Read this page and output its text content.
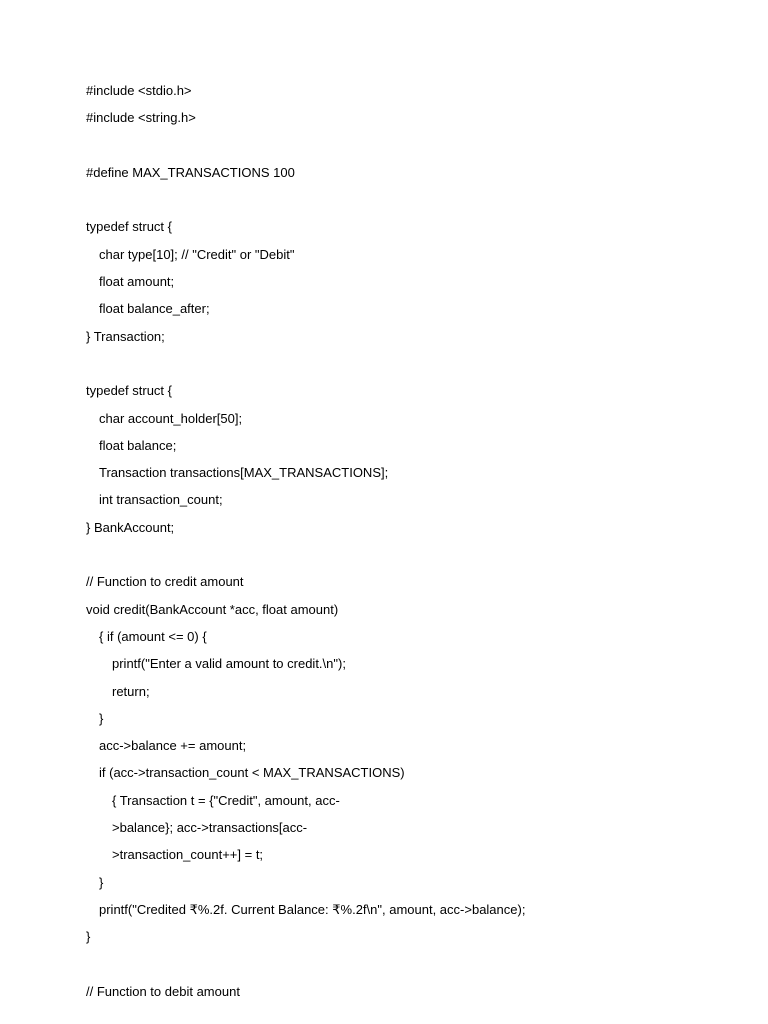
#include <stdio.h>
#include <string.h>
#define MAX_TRANSACTIONS 100
typedef struct {
char type[10]; // "Credit" or "Debit"
float amount;
float balance_after;
} Transaction;
typedef struct {
char account_holder[50];
float balance;
Transaction transactions[MAX_TRANSACTIONS];
int transaction_count;
} BankAccount;
// Function to credit amount
void credit(BankAccount *acc, float amount)
{ if (amount <= 0) {
printf("Enter a valid amount to credit.\n");
return;
}
acc->balance += amount;
if (acc->transaction_count < MAX_TRANSACTIONS)
{ Transaction t = {"Credit", amount, acc-
>balance}; acc->transactions[acc-
>transaction_count++] = t;
}
printf("Credited ₹%.2f. Current Balance: ₹%.2f\n", amount, acc->balance);
}
// Function to debit amount
